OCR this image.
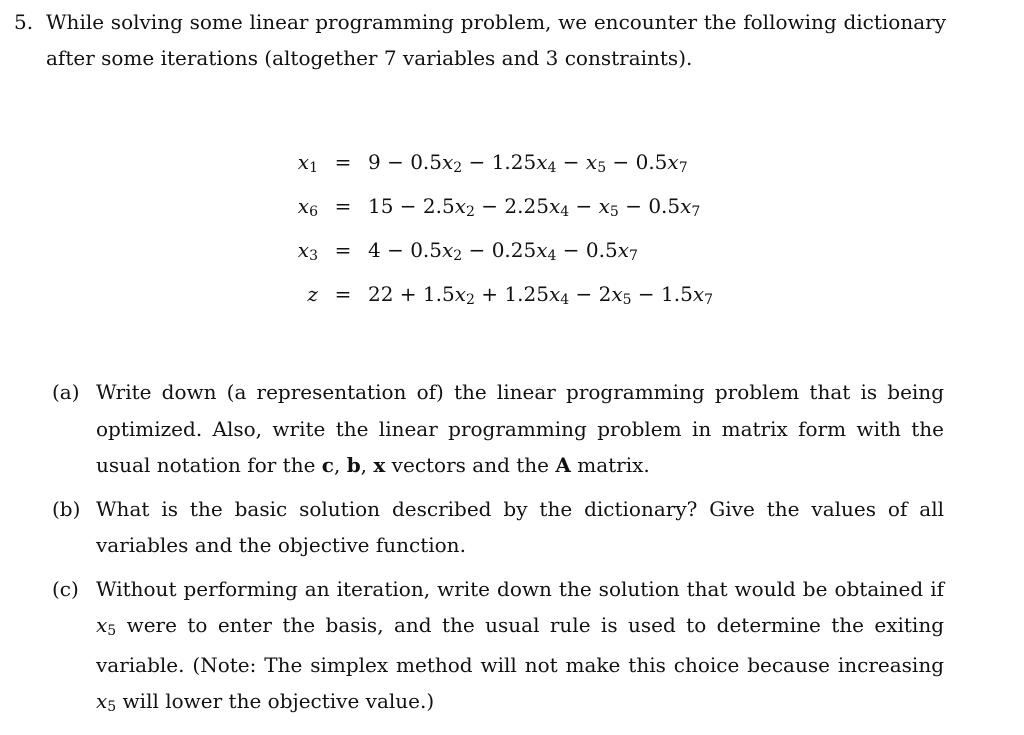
5. While solving some linear programming problem, we encounter the following dictionary after some iterations (altogether 7 variables and 3 constraints).
$x_1 = 9 - 0.5x_2 - 1.25x_4 - x_5 - 0.5x_7$
$x_6 = 15 - 2.5x_2 - 2.25x_4 - x_5 - 0.5x_7$
$x_3 = 4 - 0.5x_2 - 0.25x_4 - 0.5x_7$
$z = 22 + 1.5x_2 + 1.25x_4 - 2x_5 - 1.5x_7$
(a) Write down (a representation of) the linear programming problem that is being optimized. Also, write the linear programming problem in matrix form with the usual notation for the c, b, x vectors and the A matrix.
(b) What is the basic solution described by the dictionary? Give the values of all variables and the objective function.
(c) Without performing an iteration, write down the solution that would be obtained if $x_5$ were to enter the basis, and the usual rule is used to determine the exiting variable. (Note: The simplex method will not make this choice because increasing $x_5$ will lower the objective value.)
